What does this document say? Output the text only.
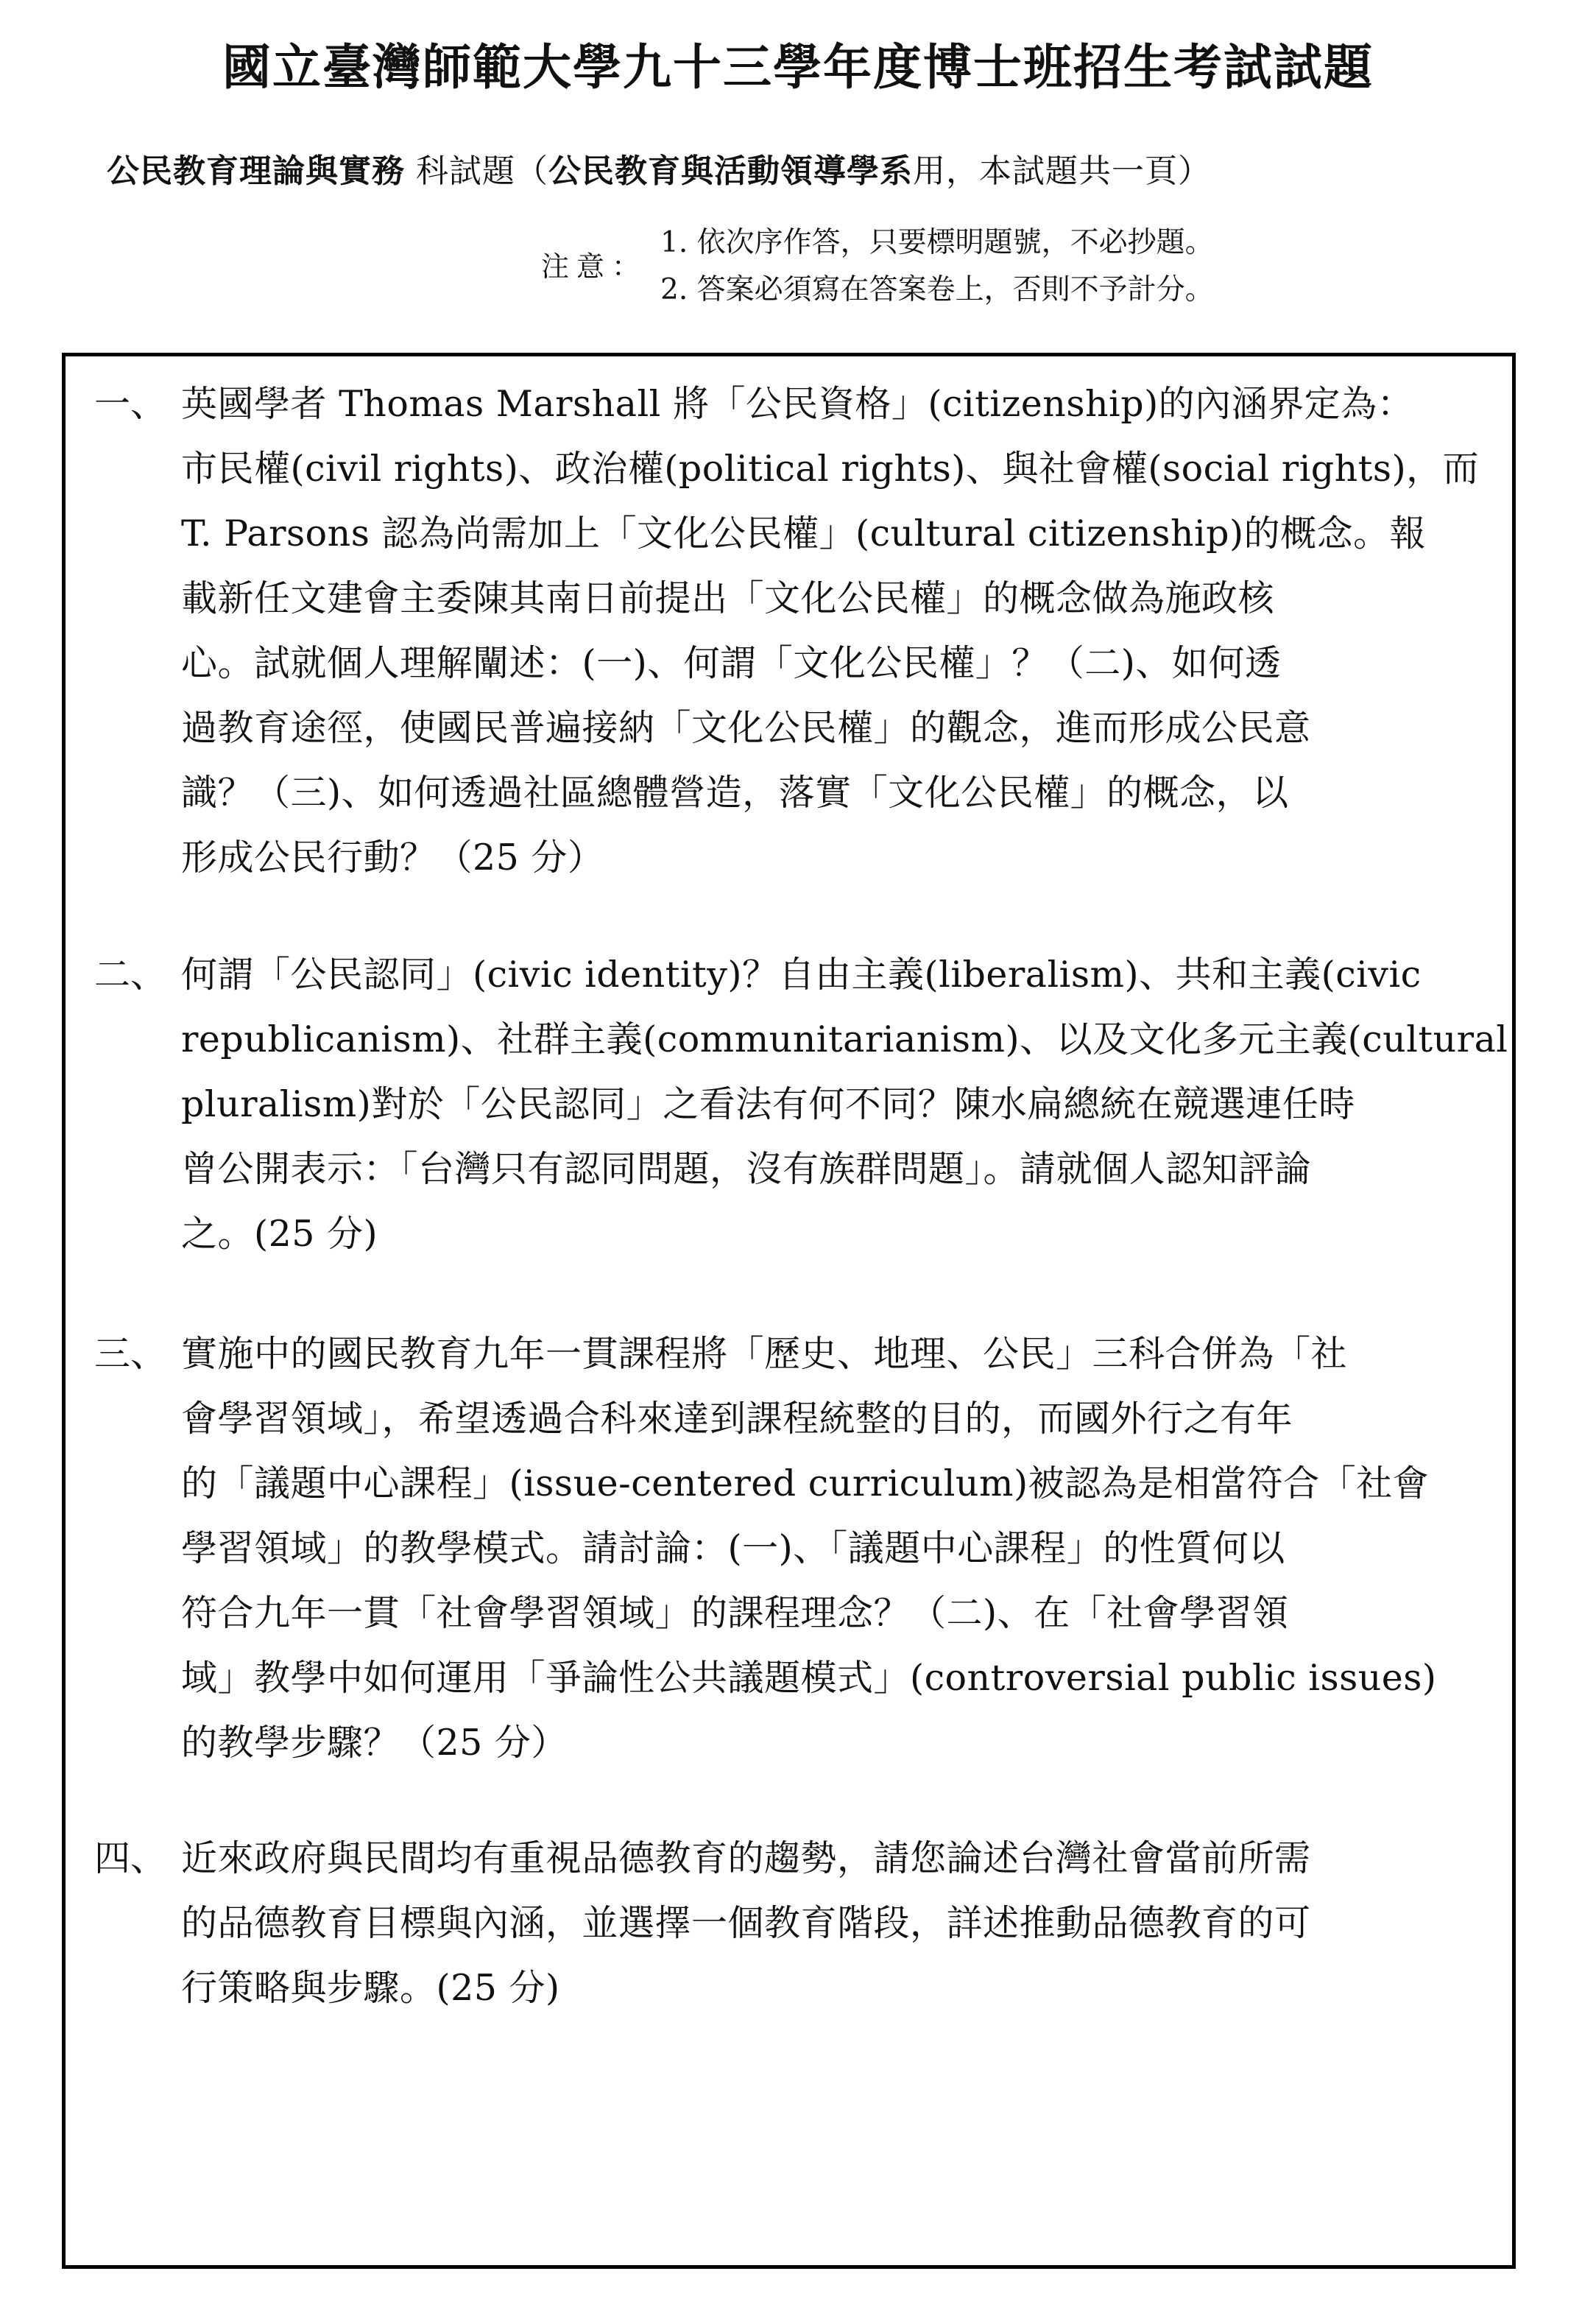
國立臺灣師範大學九十三學年度博士班招生考試試題
公民教育理論與實務 科試題（公民教育與活動領導學系用，本試題共一頁）
注意：
1. 依次序作答，只要標明題號，不必抄題。
2. 答案必須寫在答案卷上，否則不予計分。
一、 英國學者 Thomas Marshall 將「公民資格」(citizenship)的內涵界定為：
市民權(civil rights)、政治權(political rights)、與社會權(social rights)，而
T. Parsons 認為尚需加上「文化公民權」(cultural citizenship)的概念。報
載新任文建會主委陳其南日前提出「文化公民權」的概念做為施政核
心。試就個人理解闡述：(一)、何謂「文化公民權」？（二)、如何透
過教育途徑，使國民普遍接納「文化公民權」的觀念，進而形成公民意
識？（三)、如何透過社區總體營造，落實「文化公民權」的概念，以
形成公民行動？（25 分）
二、 何謂「公民認同」(civic identity)？自由主義(liberalism)、共和主義(civic
republicanism)、社群主義(communitarianism)、以及文化多元主義(cultural
pluralism)對於「公民認同」之看法有何不同？陳水扁總統在競選連任時
曾公開表示：「台灣只有認同問題，沒有族群問題」。請就個人認知評論
之。(25 分)
三、 實施中的國民教育九年一貫課程將「歷史、地理、公民」三科合併為「社
會學習領域」，希望透過合科來達到課程統整的目的，而國外行之有年
的「議題中心課程」(issue-centered curriculum)被認為是相當符合「社會
學習領域」的教學模式。請討論：(一)、「議題中心課程」的性質何以
符合九年一貫「社會學習領域」的課程理念？（二)、在「社會學習領
域」教學中如何運用「爭論性公共議題模式」(controversial public issues)
的教學步驟？（25 分）
四、 近來政府與民間均有重視品德教育的趨勢，請您論述台灣社會當前所需
的品德教育目標與內涵，並選擇一個教育階段，詳述推動品德教育的可
行策略與步驟。(25 分)
